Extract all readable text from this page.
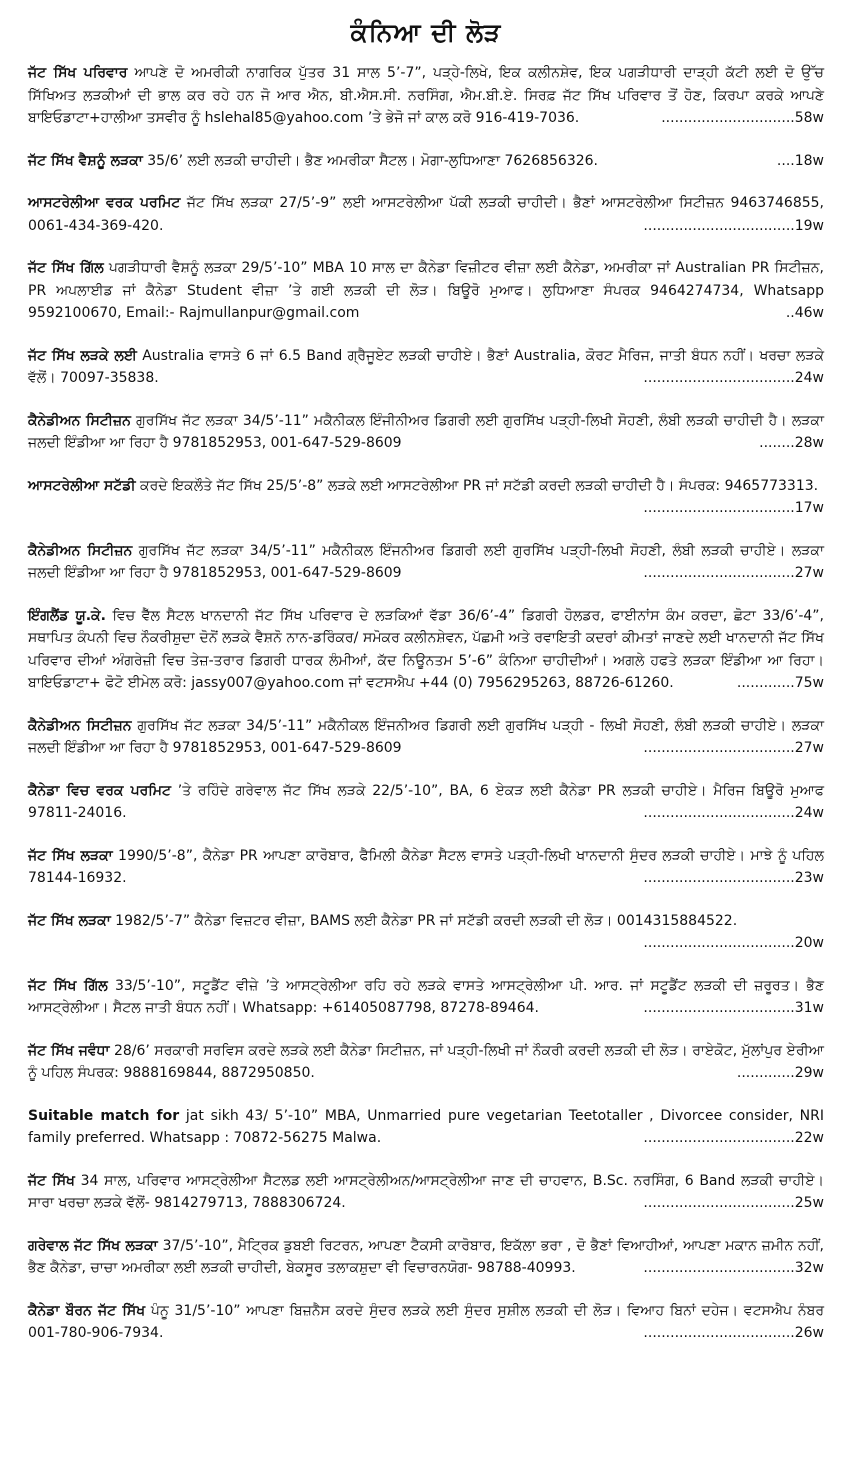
ਕੰਨਿਆ ਦੀ ਲੋੜ
ਜੱਟ ਸਿੱਖ ਪਰਿਵਾਰ ਆਪਣੇ ਦੋ ਅਮਰੀਕੀ ਨਾਗਰਿਕ ਪੁੱਤਰ 31 ਸਾਲ 5’-7”, ਪੜ੍ਹੇ-ਲਿਖੇ, ਇਕ ਕਲੀਨਸ਼ੇਵ, ਇਕ ਪਗੜੀਧਾਰੀ ਦਾੜ੍ਹੀ ਕੱਟੀ ਲਈ ਦੋ ਉੱਚ ਸਿੱਖਿਅਤ ਲੜਕੀਆਂ ਦੀ ਭਾਲ ਕਰ ਰਹੇ ਹਨ ਜੋ ਆਰ ਐਨ, ਬੀ.ਐਸ.ਸੀ. ਨਰਸਿੰਗ, ਐਮ.ਬੀ.ਏ. ਸਿਰਫ਼ ਜੱਟ ਸਿੱਖ ਪਰਿਵਾਰ ਤੋਂ ਹੋਣ, ਕਿਰਪਾ ਕਰਕੇ ਆਪਣੇ ਬਾਇਓਡਾਟਾ+ਹਾਲੀਆ ਤਸਵੀਰ ਨੂੰ hslehal85@yahoo.com ’ਤੇ ਭੇਜੋ ਜਾਂ ਕਾਲ ਕਰੋ 916-419-7036.	..............................58w
ਜੱਟ ਸਿੱਖ ਵੈਸ਼ਨੂੰ ਲੜਕਾ 35/6’ ਲਈ ਲੜਕੀ ਚਾਹੀਦੀ। ਭੈਣ ਅਮਰੀਕਾ ਸੈਟਲ। ਮੋਗਾ-ਲੁਧਿਆਣਾ 7626856326.	....18w
ਆਸਟਰੇਲੀਆ ਵਰਕ ਪਰਮਿਟ ਜੱਟ ਸਿੱਖ ਲੜਕਾ 27/5’-9” ਲਈ ਆਸਟਰੇਲੀਆ ਪੱਕੀ ਲੜਕੀ ਚਾਹੀਦੀ। ਭੈਣਾਂ ਆਸਟਰੇਲੀਆ ਸਿਟੀਜ਼ਨ 9463746855, 0061-434-369-420.	..................................19w
ਜੱਟ ਸਿੱਖ ਗਿੱਲ ਪਗੜੀਧਾਰੀ ਵੈਸ਼ਨੂੰ ਲੜਕਾ 29/5’-10” MBA 10 ਸਾਲ ਦਾ ਕੈਨੇਡਾ ਵਿਜ਼ੀਟਰ ਵੀਜ਼ਾ ਲਈ ਕੈਨੇਡਾ, ਅਮਰੀਕਾ ਜਾਂ Australian PR ਸਿਟੀਜ਼ਨ, PR ਅਪਲਾਈਡ ਜਾਂ ਕੈਨੇਡਾ Student ਵੀਜ਼ਾ ’ਤੇ ਗਈ ਲੜਕੀ ਦੀ ਲੋੜ। ਬਿਊਰੋ ਮੁਆਫ। ਲੁਧਿਆਣਾ ਸੰਪਰਕ 9464274734, Whatsapp 9592100670, Email:- Rajmullanpur@gmail.com	..46w
ਜੱਟ ਸਿੱਖ ਲੜਕੇ ਲਈ Australia ਵਾਸਤੇ 6 ਜਾਂ 6.5 Band ਗ੍ਰੈਜੂਏਟ ਲੜਕੀ ਚਾਹੀਏ। ਭੈਣਾਂ Australia, ਕੋਰਟ ਮੈਰਿਜ, ਜਾਤੀ ਬੰਧਨ ਨਹੀਂ। ਖਰਚਾ ਲੜਕੇ ਵੱਲੋਂ। 70097-35838.	..................................24w
ਕੈਨੇਡੀਅਨ ਸਿਟੀਜ਼ਨ ਗੁਰਸਿੱਖ ਜੱਟ ਲੜਕਾ 34/5’-11” ਮਕੈਨੀਕਲ ਇੰਜੀਨੀਅਰ ਡਿਗਰੀ ਲਈ ਗੁਰਸਿੱਖ ਪੜ੍ਹੀ-ਲਿਖੀ ਸੋਹਣੀ, ਲੰਬੀ ਲੜਕੀ ਚਾਹੀਦੀ ਹੈ। ਲੜਕਾ ਜਲਦੀ ਇੰਡੀਆ ਆ ਰਿਹਾ ਹੈ 9781852953, 001-647-529-8609	........28w
ਆਸਟਰੇਲੀਆ ਸਟੱਡੀ ਕਰਦੇ ਇਕਲੌਤੇ ਜੱਟ ਸਿੱਖ 25/5’-8” ਲੜਕੇ ਲਈ ਆਸਟਰੇਲੀਆ PR ਜਾਂ ਸਟੱਡੀ ਕਰਦੀ ਲੜਕੀ ਚਾਹੀਦੀ ਹੈ। ਸੰਪਰਕ: 9465773313.
..................................17w
ਕੈਨੇਡੀਅਨ ਸਿਟੀਜ਼ਨ ਗੁਰਸਿੱਖ ਜੱਟ ਲੜਕਾ 34/5’-11” ਮਕੈਨੀਕਲ ਇੰਜਨੀਅਰ ਡਿਗਰੀ ਲਈ ਗੁਰਸਿੱਖ ਪੜ੍ਹੀ-ਲਿਖੀ ਸੋਹਣੀ, ਲੰਬੀ ਲੜਕੀ ਚਾਹੀਏ। ਲੜਕਾ ਜਲਦੀ ਇੰਡੀਆ ਆ ਰਿਹਾ ਹੈ 9781852953, 001-647-529-8609	..................................27w
ਇੰਗਲੈਂਡ ਯੂ.ਕੇ. ਵਿਚ ਵੈੱਲ ਸੈਟਲ ਖਾਨਦਾਨੀ ਜੱਟ ਸਿੱਖ ਪਰਿਵਾਰ ਦੇ ਲੜਕਿਆਂ ਵੱਡਾ 36/6’-4” ਡਿਗਰੀ ਹੋਲਡਰ, ਫਾਈਨਾਂਸ ਕੰਮ ਕਰਦਾ, ਛੋਟਾ 33/6’-4”, ਸਥਾਪਿਤ ਕੰਪਨੀ ਵਿਚ ਨੌਕਰੀਸ਼ੁਦਾ ਦੋਨੋਂ ਲੜਕੇ ਵੈਸ਼ਨੋ ਨਾਨ-ਡਰਿੰਕਰ/ ਸਮੋਕਰ ਕਲੀਨਸ਼ੇਵਨ, ਪੱਛਮੀ ਅਤੇ ਰਵਾਇਤੀ ਕਦਰਾਂ ਕੀਮਤਾਂ ਜਾਣਦੇ ਲਈ ਖਾਨਦਾਨੀ ਜੱਟ ਸਿੱਖ ਪਰਿਵਾਰ ਦੀਆਂ ਅੰਗਰੇਜ਼ੀ ਵਿਚ ਤੇਜ਼-ਤਰਾਰ ਡਿਗਰੀ ਧਾਰਕ ਲੰਮੀਆਂ, ਕੱਦ ਨਿਊਨਤਮ 5’-6” ਕੰਨਿਆ ਚਾਹੀਦੀਆਂ। ਅਗਲੇ ਹਫਤੇ ਲੜਕਾ ਇੰਡੀਆ ਆ ਰਿਹਾ। ਬਾਇਓਡਾਟਾ+ ਫੋਟੋ ਈਮੇਲ ਕਰੋ: jassy007@yahoo.com ਜਾਂ ਵਟਸਐਪ +44 (0) 7956295263, 88726-61260.	.............75w
ਕੈਨੇਡੀਅਨ ਸਿਟੀਜ਼ਨ ਗੁਰਸਿੱਖ ਜੱਟ ਲੜਕਾ 34/5’-11” ਮਕੈਨੀਕਲ ਇੰਜਨੀਅਰ ਡਿਗਰੀ ਲਈ ਗੁਰਸਿੱਖ ਪੜ੍ਹੀ - ਲਿਖੀ ਸੋਹਣੀ, ਲੰਬੀ ਲੜਕੀ ਚਾਹੀਏ। ਲੜਕਾ ਜਲਦੀ ਇੰਡੀਆ ਆ ਰਿਹਾ ਹੈ 9781852953, 001-647-529-8609	..................................27w
ਕੈਨੇਡਾ ਵਿਚ ਵਰਕ ਪਰਮਿਟ ’ਤੇ ਰਹਿੰਦੇ ਗਰੇਵਾਲ ਜੱਟ ਸਿੱਖ ਲੜਕੇ 22/5’-10”, BA, 6 ਏਕੜ ਲਈ ਕੈਨੇਡਾ PR ਲੜਕੀ ਚਾਹੀਏ। ਮੈਰਿਜ ਬਿਊਰੋ ਮੁਆਫ 97811-24016.	..................................24w
ਜੱਟ ਸਿੱਖ ਲੜਕਾ 1990/5’-8”, ਕੈਨੇਡਾ PR ਆਪਣਾ ਕਾਰੋਬਾਰ, ਫੈਮਿਲੀ ਕੈਨੇਡਾ ਸੈਟਲ ਵਾਸਤੇ ਪੜ੍ਹੀ-ਲਿਖੀ ਖਾਨਦਾਨੀ ਸੁੰਦਰ ਲੜਕੀ ਚਾਹੀਏ। ਮਾਝੇ ਨੂੰ ਪਹਿਲ 78144-16932.	..................................23w
ਜੱਟ ਸਿੱਖ ਲੜਕਾ 1982/5’-7” ਕੈਨੇਡਾ ਵਿਜ਼ਟਰ ਵੀਜ਼ਾ, BAMS ਲਈ ਕੈਨੇਡਾ PR ਜਾਂ ਸਟੱਡੀ ਕਰਦੀ ਲੜਕੀ ਦੀ ਲੋੜ। 0014315884522.
..................................20w
ਜੱਟ ਸਿੱਖ ਗਿੱਲ 33/5’-10”, ਸਟੂਡੈਂਟ ਵੀਜ਼ੇ ’ਤੇ ਆਸਟ੍ਰੇਲੀਆ ਰਹਿ ਰਹੇ ਲੜਕੇ ਵਾਸਤੇ ਆਸਟ੍ਰੇਲੀਆ ਪੀ. ਆਰ. ਜਾਂ ਸਟੂਡੈਂਟ ਲੜਕੀ ਦੀ ਜ਼ਰੂਰਤ। ਭੈਣ ਆਸਟ੍ਰੇਲੀਆ। ਸੈਟਲ ਜਾਤੀ ਬੰਧਨ ਨਹੀਂ। Whatsapp: +61405087798, 87278-89464.	..................................31w
ਜੱਟ ਸਿੱਖ ਜਵੰਧਾ 28/6’ ਸਰਕਾਰੀ ਸਰਵਿਸ ਕਰਦੇ ਲੜਕੇ ਲਈ ਕੈਨੇਡਾ ਸਿਟੀਜ਼ਨ, ਜਾਂ ਪੜ੍ਹੀ-ਲਿਖੀ ਜਾਂ ਨੌਕਰੀ ਕਰਦੀ ਲੜਕੀ ਦੀ ਲੋੜ। ਰਾਏਕੋਟ, ਮੁੱਲਾਂਪੁਰ ਏਰੀਆ ਨੂੰ ਪਹਿਲ ਸੰਪਰਕ: 9888169844, 8872950850.	.............29w
Suitable match for jat sikh 43/ 5’-10” MBA, Unmarried pure vegetarian Teetotaller , Divorcee consider, NRI family preferred. Whatsapp : 70872-56275 Malwa.	..................................22w
ਜੱਟ ਸਿੱਖ 34 ਸਾਲ, ਪਰਿਵਾਰ ਆਸਟ੍ਰੇਲੀਆ ਸੈਟਲਡ ਲਈ ਆਸਟ੍ਰੇਲੀਅਨ/ਆਸਟ੍ਰੇਲੀਆ ਜਾਣ ਦੀ ਚਾਹਵਾਨ, B.Sc. ਨਰਸਿੰਗ, 6 Band ਲੜਕੀ ਚਾਹੀਏ। ਸਾਰਾ ਖਰਚਾ ਲੜਕੇ ਵੱਲੋਂ- 9814279713, 7888306724.	..................................25w
ਗਰੇਵਾਲ ਜੱਟ ਸਿੱਖ ਲੜਕਾ 37/5’-10”, ਮੈਟ੍ਰਿਕ ਡੁਬਈ ਰਿਟਰਨ, ਆਪਣਾ ਟੈਕਸੀ ਕਾਰੋਬਾਰ, ਇਕੱਲਾ ਭਰਾ , ਦੋ ਭੈਣਾਂ ਵਿਆਹੀਆਂ, ਆਪਣਾ ਮਕਾਨ ਜ਼ਮੀਨ ਨਹੀਂ, ਭੈਣ ਕੈਨੇਡਾ, ਚਾਚਾ ਅਮਰੀਕਾ ਲਈ ਲੜਕੀ ਚਾਹੀਦੀ, ਬੇਕਸੂਰ ਤਲਾਕਸ਼ੁਦਾ ਵੀ ਵਿਚਾਰਨਯੋਗ- 98788-40993.	..................................32w
ਕੈਨੇਡਾ ਬੌਰਨ ਜੱਟ ਸਿੱਖ ਪੰਨੂ 31/5’-10” ਆਪਣਾ ਬਿਜ਼ਨੈਸ ਕਰਦੇ ਸੁੰਦਰ ਲੜਕੇ ਲਈ ਸੁੰਦਰ ਸੁਸ਼ੀਲ ਲੜਕੀ ਦੀ ਲੋੜ। ਵਿਆਹ ਬਿਨਾਂ ਦਹੇਜ। ਵਟਸਐਪ ਨੰਬਰ 001-780-906-7934.	..................................26w
